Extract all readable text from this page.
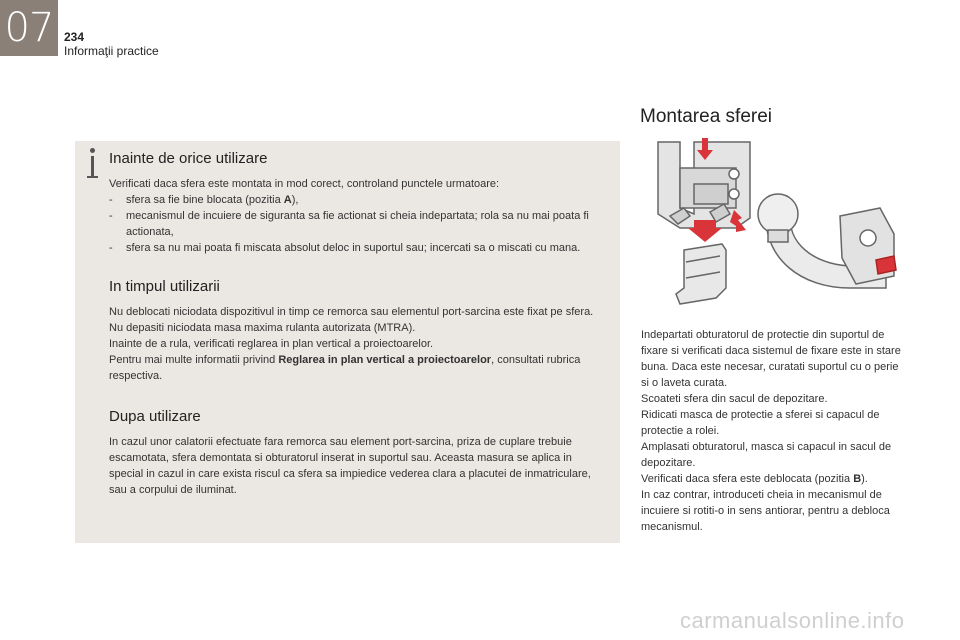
07 234
Informaţii practice
Inainte de orice utilizare

Verificati daca sfera este montata in mod corect, controland punctele urmatoare:

- sfera sa fie bine blocata (pozitia A),
- mecanismul de incuiere de siguranta sa fie actionat si cheia indepartata; rola sa nu mai poata fi actionata,
- sfera sa nu mai poata fi miscata absolut deloc in suportul sau; incercati sa o miscati cu mana.
In timpul utilizarii

Nu deblocati niciodata dispozitivul in timp ce remorca sau elementul port-sarcina este fixat pe sfera.

Nu depasiti niciodata masa maxima rulanta autorizata (MTRA).

Inainte de a rula, verificati reglarea in plan vertical a proiectoarelor.

Pentru mai multe informatii privind Reglarea in plan vertical a proiectoarelor, consultati rubrica respectiva.

Dupa utilizare

In cazul unor calatorii efectuate fara remorca sau element port-sarcina, priza de cuplare trebuie escamotata, sfera demontata si obturatorul inserat in suportul sau. Aceasta masura se aplica in special in cazul in care exista riscul ca sfera sa impiedice vederea clara a placutei de inmatriculare, sau a corpului de iluminat.

Montarea sferei

Indepartati obturatorul de protectie din suportul de fixare si verificati daca sistemul de fixare este in stare buna. Daca este necesar, curatati suportul cu o perie si o laveta curata.

Scoateti sfera din sacul de depozitare.

Ridicati masca de protectie a sferei si capacul de protectie a rolei.

Amplasati obturatorul, masca si capacul in sacul de depozitare.

Verificati daca sfera este deblocata (pozitia B).

In caz contrar, introduceti cheia in mecanismul de incuiere si rotiti-o in sens antiorar, pentru a debloca mecanismul.

carmanualsonline.info
